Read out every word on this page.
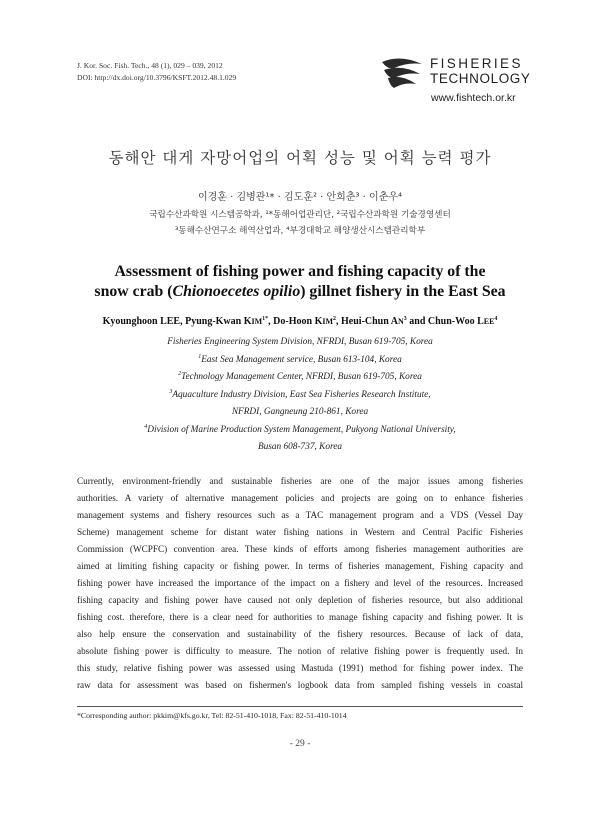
J. Kor. Soc. Fish. Tech., 48 (1), 029 – 039, 2012
DOI: http://dx.doi.org/10.3796/KSFT.2012.48.1.029
FISHERIES
TECHNOLOGY
www.fishtech.or.kr
동해안 대게 자망어업의 어획 성능 및 어획 능력 평가
이경훈 · 김병관¹* · 김도훈² · 안희춘³ · 이춘우⁴
국립수산과학원 시스템공학과, ¹*동해어업관리단, ²국립수산과학원 기술경영센터
³동해수산연구소 해역산업과, ⁴부경대학교 해양생산시스템관리학부
Assessment of fishing power and fishing capacity of the
snow crab (Chionoecetes opilio) gillnet fishery in the East Sea
Kyounghoon LEE, Pyung-Kwan $KIM^{1*}$, Do-Hoon KIM$^2$, Heui-Chun $AN^3$ and Chun-Woo LEE$^4$
Fisheries Engineering System Division, NFRDI, Busan 619-705, Korea
$^1$East Sea Management service, Busan 613-104, Korea
$^2$Technology Management Center, NFRDI, Busan 619-705, Korea
$^3$Aquaculture Industry Division, East Sea Fisheries Research Institute,
NFRDI, Gangneung 210-861, Korea
$^4$Division of Marine Production System Management, Pukyong National University,
Busan 608-737, Korea
Currently, environment-friendly and sustainable fisheries are one of the major issues among fisheries
authorities. A variety of alternative management policies and projects are going on to enhance fisheries
management systems and fishery resources such as a TAC management program and a VDS (Vessel Day
Scheme) management scheme for distant water fishing nations in Western and Central Pacific Fisheries
Commission (WCPFC) convention area. These kinds of efforts among fisheries management authorities are
aimed at limiting fishing capacity or fishing power. In terms of fisheries management, Fishing capacity and
fishing power have increased the importance of the impact on a fishery and level of the resources. Increased
fishing capacity and fishing power have caused not only depletion of fisheries resource, but also additional
fishing cost. therefore, there is a clear need for authorities to manage fishing capacity and fishing power. It is
also help ensure the conservation and sustainability of the fishery resources. Because of lack of data,
absolute fishing power is difficulty to measure. The notion of relative fishing power is frequently used. In
this study, relative fishing power was assessed using Mastuda (1991) method for fishing power index. The
raw data for assessment was based on fishermen's logbook data from sampled fishing vessels in coastal
*Corresponding author: pkkim@kfs.go.kr, Tel: 82-51-410-1018, Fax: 82-51-410-1014
- 29 -
